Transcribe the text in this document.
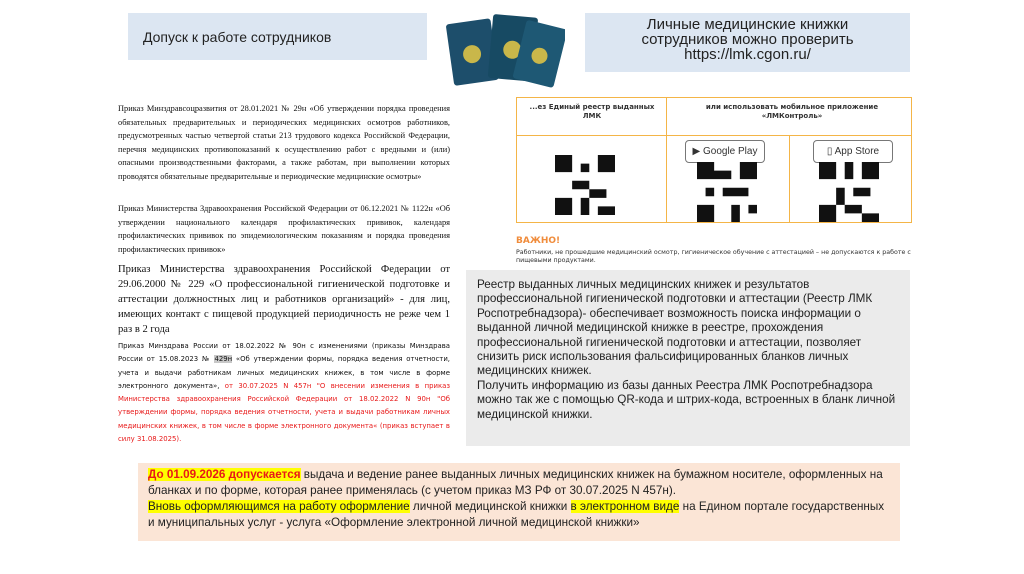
Допуск к работе сотрудников
Личные медицинские книжки
сотрудников можно проверить
https://lmk.cgon.ru/
Приказ Минздравсоцразвития от 28.01.2021 № 29н «Об утверждении порядка проведения обязательных предварительных и периодических медицинских осмотров работников, предусмотренных частью четвертой статьи 213 трудового кодекса Российской Федерации, перечня медицинских противопоказаний к осуществлению работ с вредными и (или) опасными производственными факторами, а также работам, при выполнении которых проводятся обязательные предварительные и периодические медицинские осмотры»
Приказ Министерства Здравоохранения Российской Федерации от 06.12.2021 № 1122н «Об утверждении национального календаря профилактических прививок, календаря профилактических прививок по эпидемиологическим показаниям и порядка проведения профилактических прививок»
Приказ Министерства здравоохранения Российской Федерации от 29.06.2000 № 229 «О профессиональной гигиенической подготовке и аттестации должностных лиц и работников организаций» - для лиц, имеющих контакт с пищевой продукцией периодичность не реже чем 1 раз в 2 года
Приказ Минздрава России от 18.02.2022 № 90н с изменениями (приказы Минздрава России от 15.08.2023 № 429н «Об утверждении формы, порядка ведения отчетности, учета и выдачи работникам личных медицинских книжек, в том числе в форме электронного документа», от 30.07.2025 N 457н "О внесении изменения в приказ Министерства здравоохранения Российской Федерации от 18.02.2022 N 90н "Об утверждении формы, порядка ведения отчетности, учета и выдачи работникам личных медицинских книжек, в том числе в форме электронного документа« (приказ вступает в силу 31.08.2025).
...ез Единый реестр выданных ЛМК
или использовать мобильное приложение «ЛМКонтроль»
▶ Google Play	▯ App Store
ВАЖНО!
Работники, не прошедшие медицинский осмотр, гигиеническое обучение с аттестацией – не допускаются к работе с пищевыми продуктами.
Реестр выданных личных медицинских книжек и результатов профессиональной гигиенической подготовки и аттестации (Реестр ЛМК Роспотребнадзора)- обеспечивает возможность поиска информации о выданной личной медицинской книжке в реестре, прохождения профессиональной гигиенической подготовки и аттестации, позволяет снизить риск использования фальсифицированных бланков личных медицинских книжек.
Получить информацию из базы данных Реестра ЛМК Роспотребнадзора можно так же с помощью QR-кода и штрих-кода, встроенных в бланк личной медицинской книжки.
До 01.09.2026 допускается выдача и ведение ранее выданных личных медицинских книжек на бумажном носителе, оформленных на бланках и по форме, которая ранее применялась (с учетом приказ МЗ РФ от 30.07.2025 N 457н).
Вновь оформляющимся на работу оформление личной медицинской книжки в электронном виде на Едином портале государственных и муниципальных услуг - услуга «Оформление электронной личной медицинской книжки»
